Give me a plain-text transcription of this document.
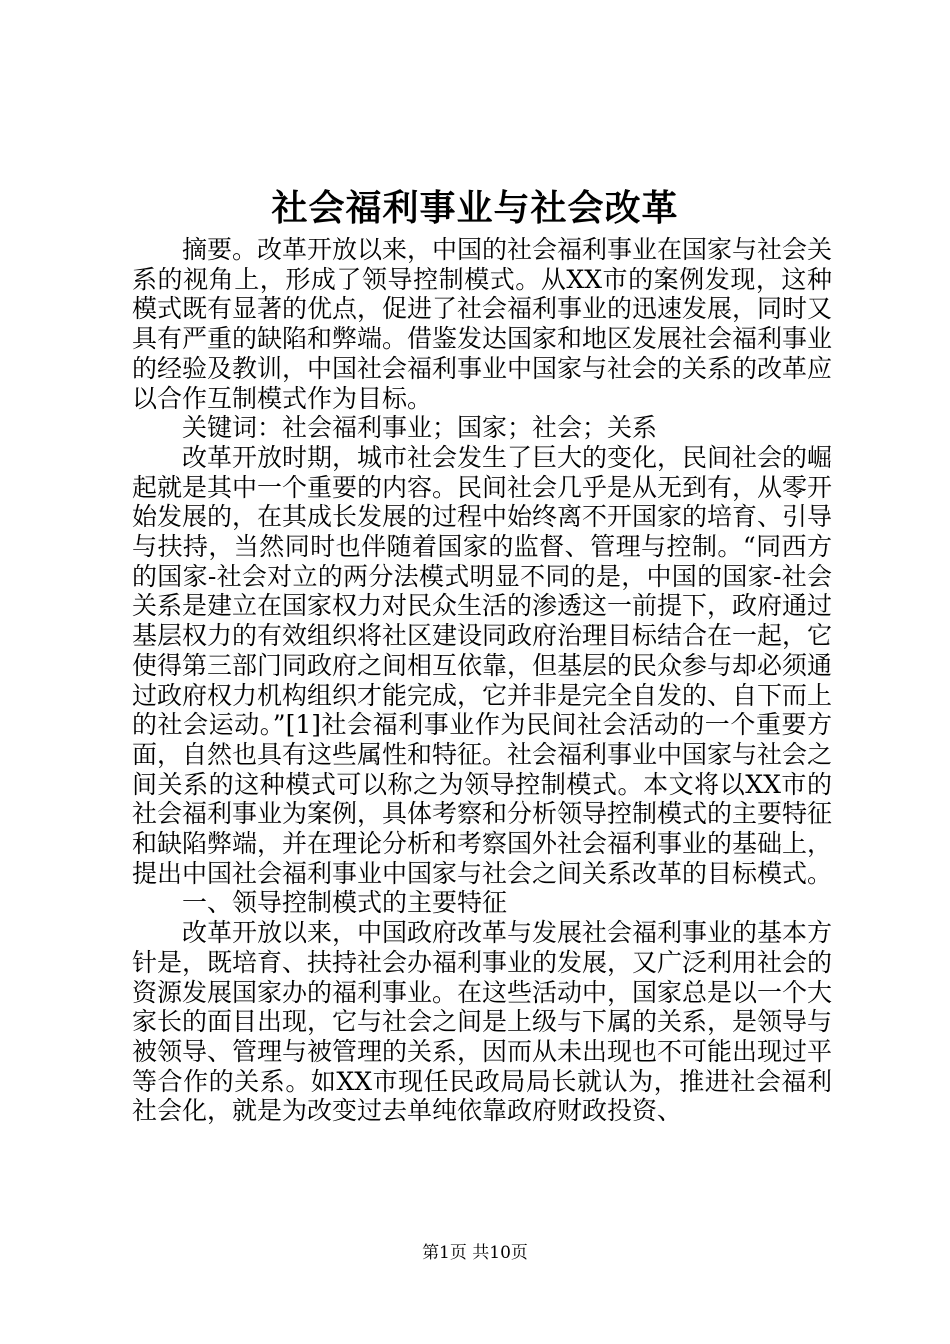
社会福利事业与社会改革

摘要。改革开放以来，中国的社会福利事业在国家与社会关系的视角上，形成了领导控制模式。从XX市的案例发现，这种模式既有显著的优点，促进了社会福利事业的迅速发展，同时又具有严重的缺陷和弊端。借鉴发达国家和地区发展社会福利事业的经验及教训，中国社会福利事业中国家与社会的关系的改革应以合作互制模式作为目标。

关键词：社会福利事业；国家；社会；关系

改革开放时期，城市社会发生了巨大的变化，民间社会的崛起就是其中一个重要的内容。民间社会几乎是从无到有，从零开始发展的，在其成长发展的过程中始终离不开国家的培育、引导与扶持，当然同时也伴随着国家的监督、管理与控制。“同西方的国家-社会对立的两分法模式明显不同的是，中国的国家-社会关系是建立在国家权力对民众生活的渗透这一前提下，政府通过基层权力的有效组织将社区建设同政府治理目标结合在一起，它使得第三部门同政府之间相互依靠，但基层的民众参与却必须通过政府权力机构组织才能完成，它并非是完全自发的、自下而上的社会运动。”[1]社会福利事业作为民间社会活动的一个重要方面，自然也具有这些属性和特征。社会福利事业中国家与社会之间关系的这种模式可以称之为领导控制模式。本文将以XX市的社会福利事业为案例，具体考察和分析领导控制模式的主要特征和缺陷弊端，并在理论分析和考察国外社会福利事业的基础上，提出中国社会福利事业中国家与社会之间关系改革的目标模式。

一、领导控制模式的主要特征

改革开放以来，中国政府改革与发展社会福利事业的基本方针是，既培育、扶持社会办福利事业的发展，又广泛利用社会的资源发展国家办的福利事业。在这些活动中，国家总是以一个大家长的面目出现，它与社会之间是上级与下属的关系，是领导与被领导、管理与被管理的关系，因而从未出现也不可能出现过平等合作的关系。如XX市现任民政局局长就认为，推进社会福利社会化，就是为改变过去单纯依靠政府财政投资、

第1页 共10页
